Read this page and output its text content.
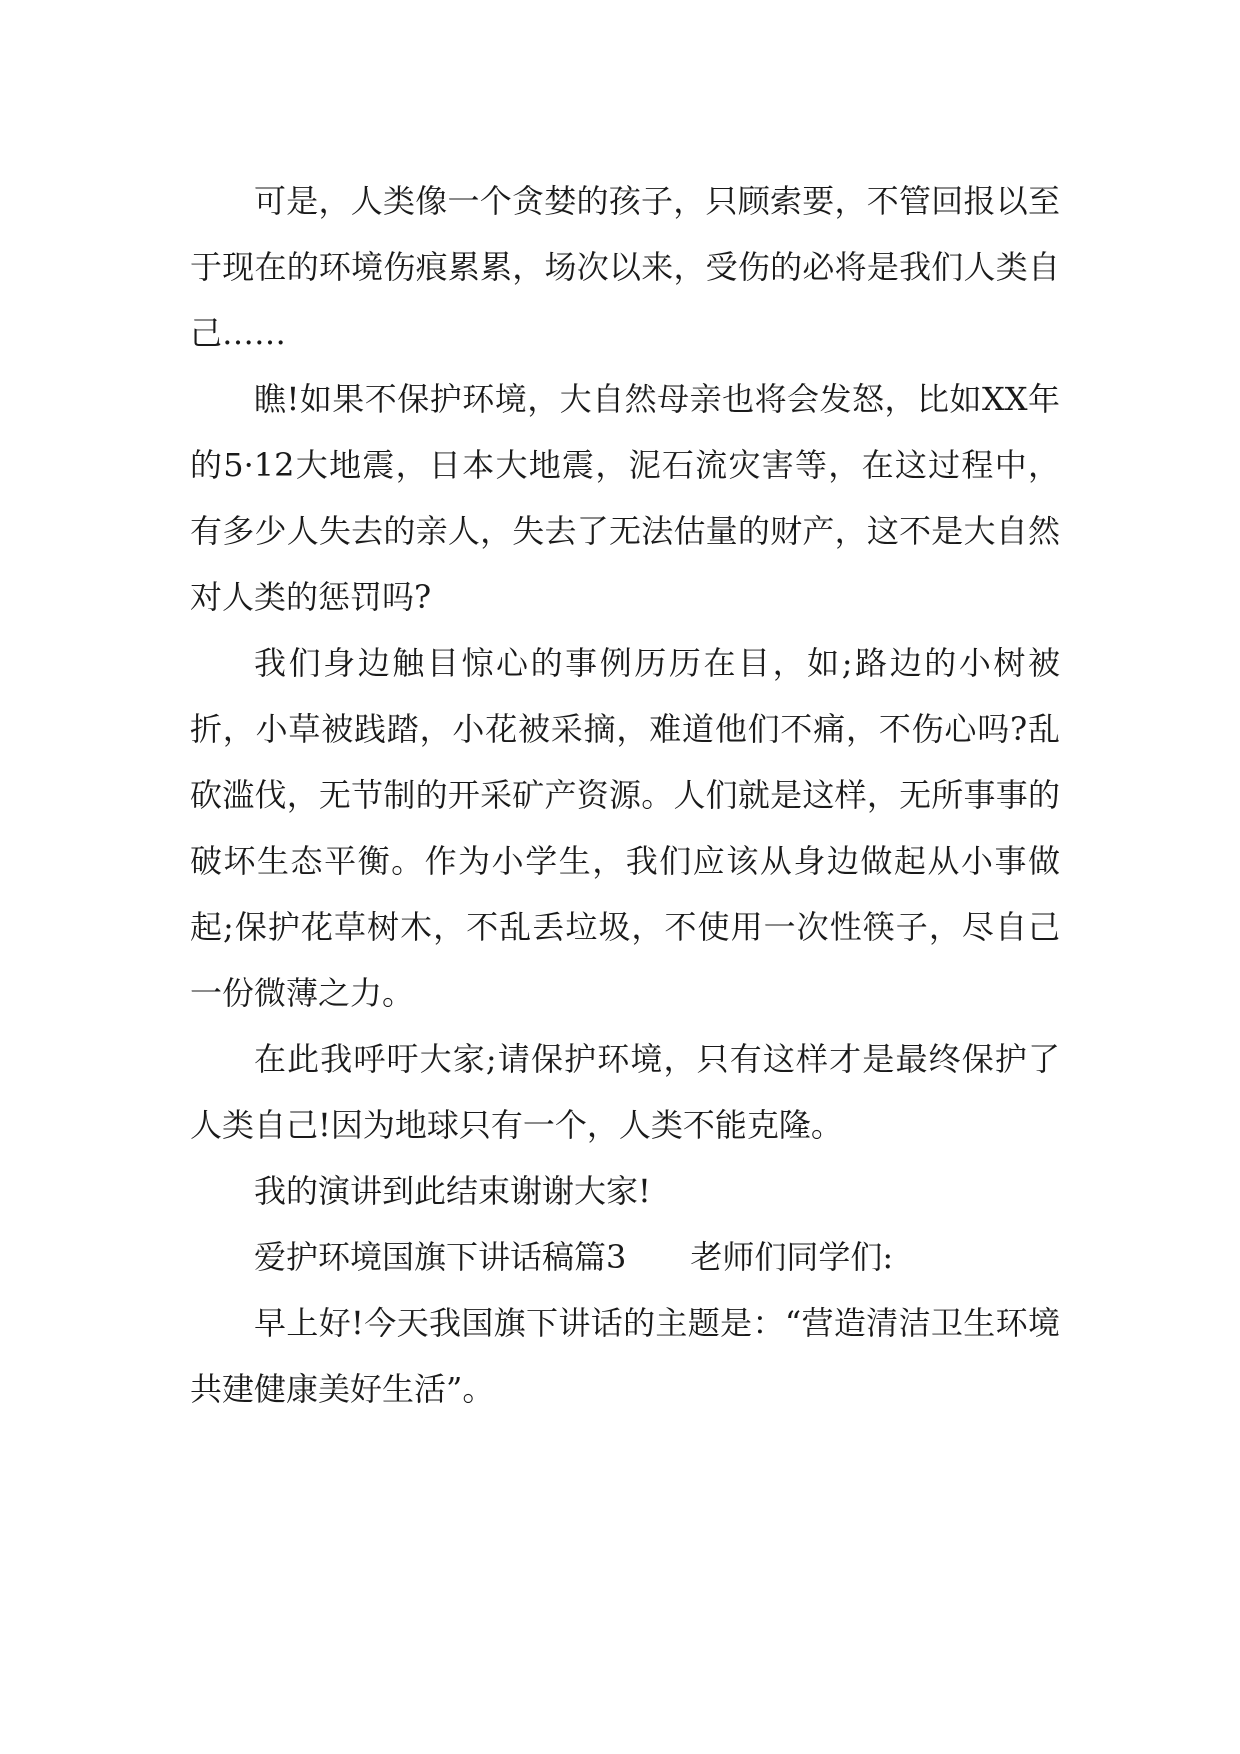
可是，人类像一个贪婪的孩子，只顾索要，不管回报以至于现在的环境伤痕累累，场次以来，受伤的必将是我们人类自己……

瞧!如果不保护环境，大自然母亲也将会发怒，比如XX年的5·12大地震，日本大地震，泥石流灾害等，在这过程中，有多少人失去的亲人，失去了无法估量的财产，这不是大自然对人类的惩罚吗?

我们身边触目惊心的事例历历在目，如;路边的小树被折，小草被践踏，小花被采摘，难道他们不痛，不伤心吗?乱砍滥伐，无节制的开采矿产资源。人们就是这样，无所事事的破坏生态平衡。作为小学生，我们应该从身边做起从小事做起;保护花草树木，不乱丢垃圾，不使用一次性筷子，尽自己一份微薄之力。

在此我呼吁大家;请保护环境，只有这样才是最终保护了人类自己!因为地球只有一个，人类不能克隆。

我的演讲到此结束谢谢大家!

爱护环境国旗下讲话稿篇3 老师们同学们:

早上好!今天我国旗下讲话的主题是：“营造清洁卫生环境 共建健康美好生活”。
